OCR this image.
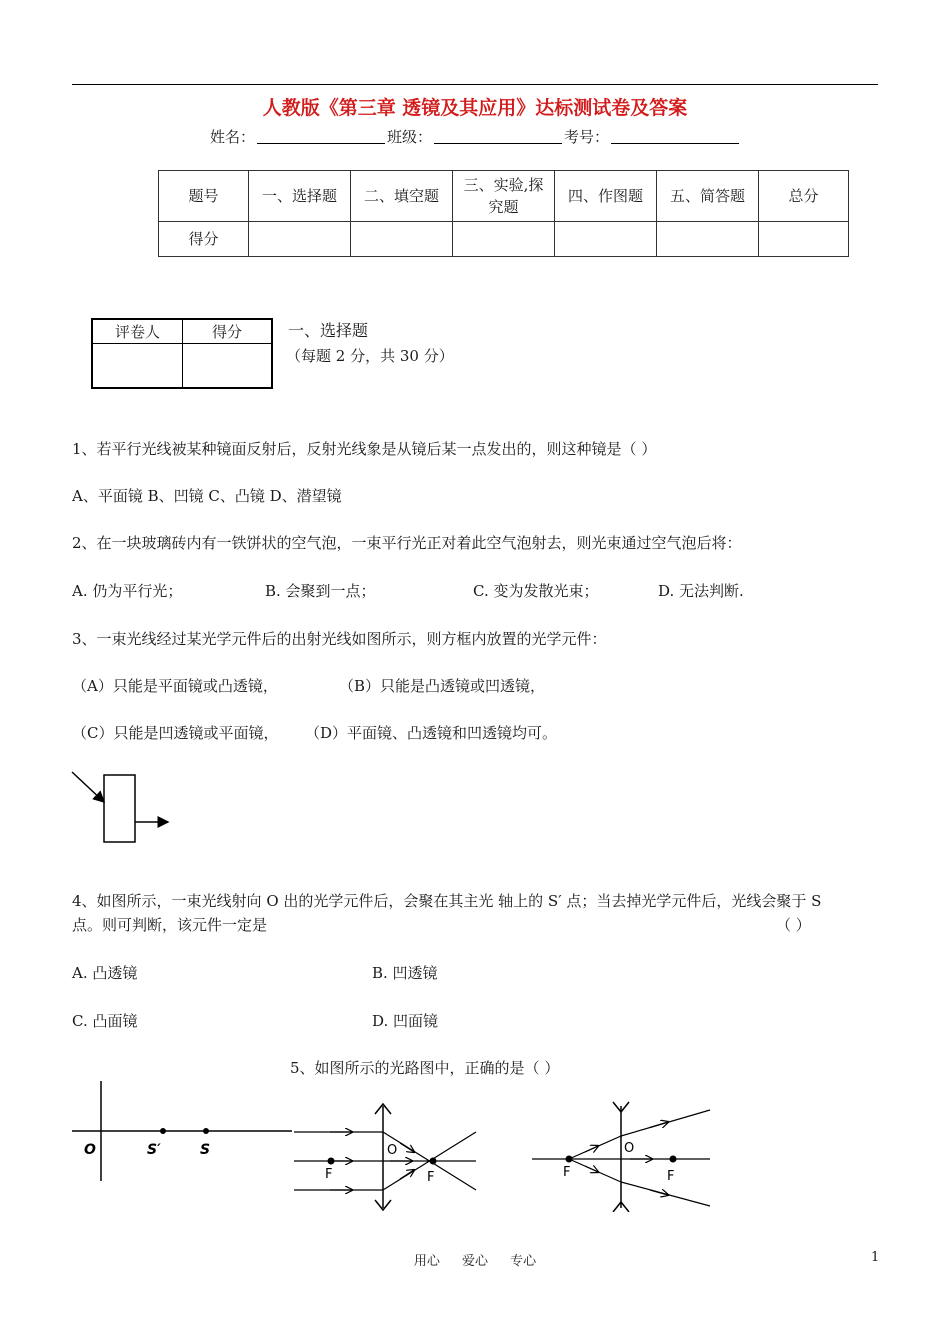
人教版《第三章 透镜及其应用》达标测试卷及答案
姓名：	班级：	考号：
题号	一、选择题	二、填空题	三、实验,探究题	四、作图题	五、简答题	总分
得分						
评卷人	得分
		一、选择题
（每题 2 分，共 30 分）
1、若平行光线被某种镜面反射后，反射光线象是从镜后某一点发出的，则这种镜是（ ）
A、平面镜 B、凹镜 C、凸镜 D、潜望镜
2、在一块玻璃砖内有一铁饼状的空气泡，一束平行光正对着此空气泡射去，则光束通过空气泡后将：
A. 仍为平行光；	B. 会聚到一点；	C. 变为发散光束；	D. 无法判断.
3、一束光线经过某光学元件后的出射光线如图所示，则方框内放置的光学元件：
（A）只能是平面镜或凸透镜，	（B）只能是凸透镜或凹透镜，
（C）只能是凹透镜或平面镜， （D）平面镜、凸透镜和凹透镜均可。
4、如图所示，一束光线射向 O 出的光学元件后，会聚在其主光 轴上的 S′ 点；当去掉光学元件后，光线会聚于 S
点。则可判断，该元件一定是	（ ）
A. 凸透镜	B. 凹透镜
C. 凸面镜	D. 凹面镜
5、如图所示的光路图中，正确的是（ ）
O	S′	S	O
F	F
O
F	F
用心 爱心 专心	1
